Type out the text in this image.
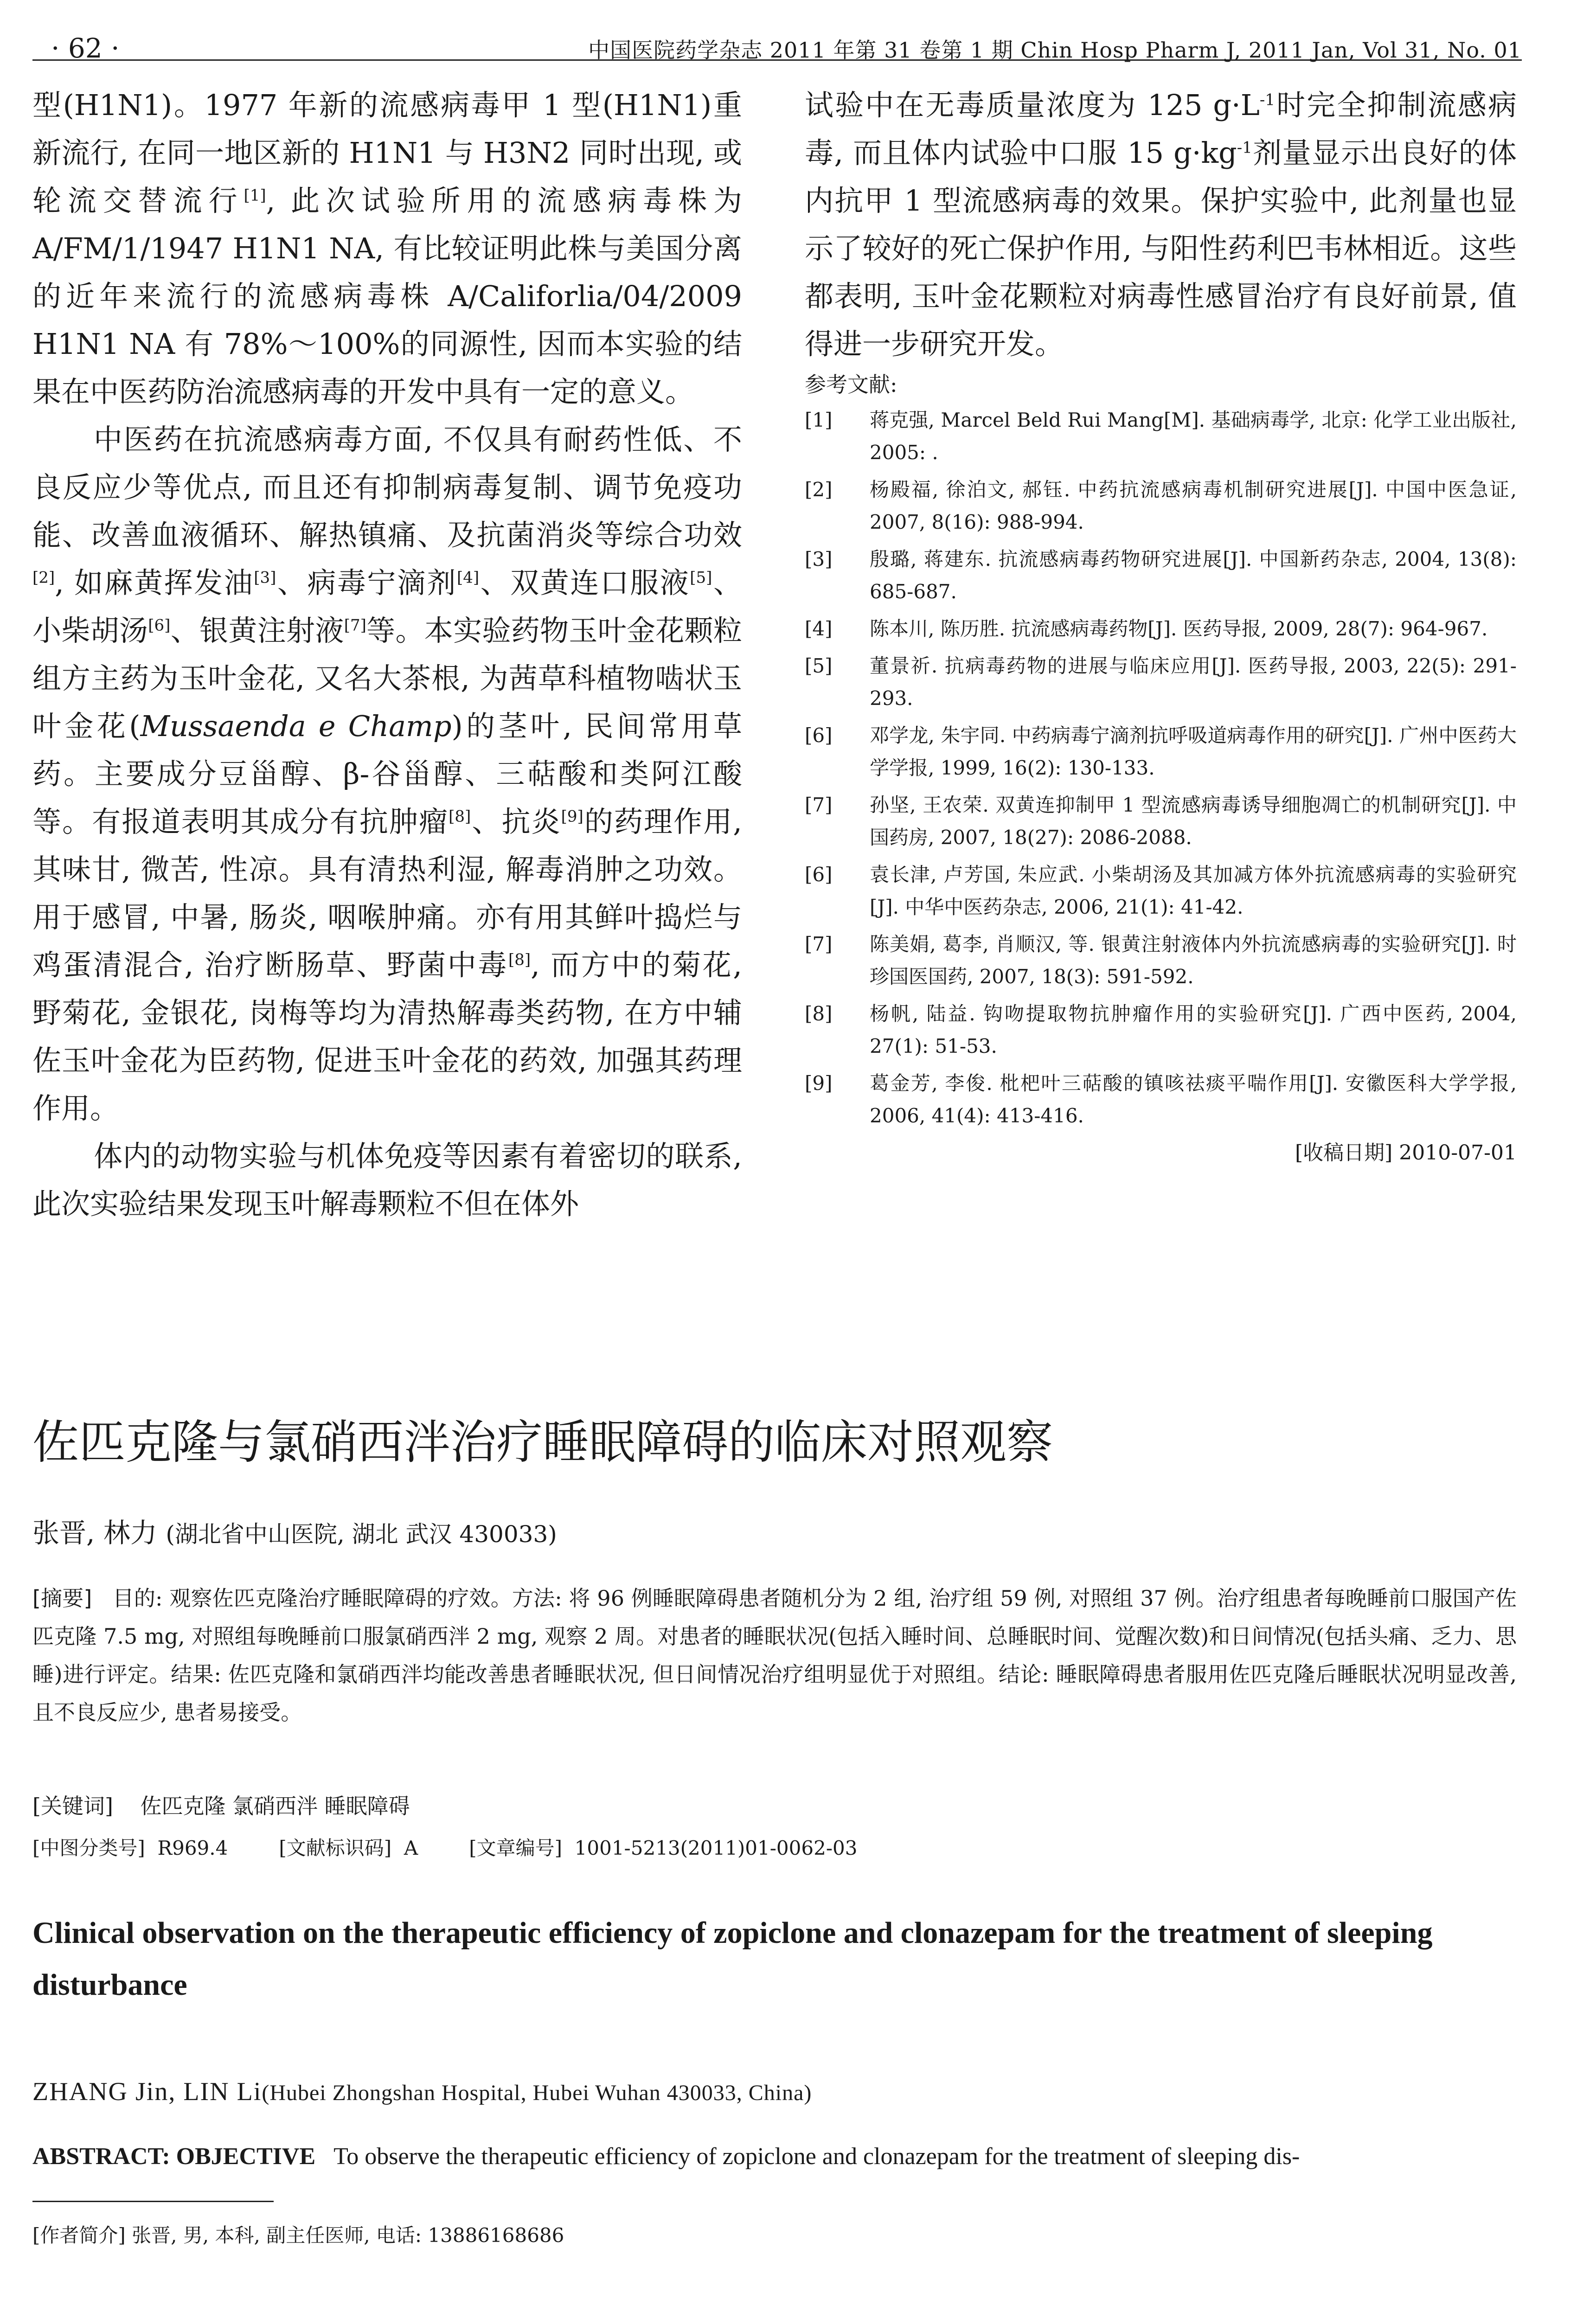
· 62 ·	中国医院药学杂志 2011 年第 31 卷第 1 期 Chin Hosp Pharm J, 2011 Jan, Vol 31, No. 01

型(H1N1)。1977 年新的流感病毒甲 1 型(H1N1)重新流行, 在同一地区新的 H1N1 与 H3N2 同时出现, 或轮流交替流行[1], 此次试验所用的流感病毒株为 A/FM/1/1947 H1N1 NA, 有比较证明此株与美国分离的近年来流行的流感病毒株 A/Califorlia/04/2009 H1N1 NA 有 78%～100%的同源性, 因而本实验的结果在中医药防治流感病毒的开发中具有一定的意义。

中医药在抗流感病毒方面, 不仅具有耐药性低、不良反应少等优点, 而且还有抑制病毒复制、调节免疫功能、改善血液循环、解热镇痛、及抗菌消炎等综合功效[2], 如麻黄挥发油[3]、病毒宁滴剂[4]、双黄连口服液[5]、小柴胡汤[6]、银黄注射液[7]等。本实验药物玉叶金花颗粒组方主药为玉叶金花, 又名大茶根, 为茜草科植物啮状玉叶金花(Mussaenda e Champ)的茎叶, 民间常用草药。主要成分豆甾醇、β-谷甾醇、三萜酸和类阿江酸等。有报道表明其成分有抗肿瘤[8]、抗炎[9]的药理作用, 其味甘, 微苦, 性凉。具有清热利湿, 解毒消肿之功效。用于感冒, 中暑, 肠炎, 咽喉肿痛。亦有用其鲜叶捣烂与鸡蛋清混合, 治疗断肠草、野菌中毒[8], 而方中的菊花, 野菊花, 金银花, 岗梅等均为清热解毒类药物, 在方中辅佐玉叶金花为臣药物, 促进玉叶金花的药效, 加强其药理作用。

体内的动物实验与机体免疫等因素有着密切的联系, 此次实验结果发现玉叶解毒颗粒不但在体外

试验中在无毒质量浓度为 125 $g\cdot L^{-1}$时完全抑制流感病毒, 而且体内试验中口服 15 $g\cdot kg^{-1}$剂量显示出良好的体内抗甲 1 型流感病毒的效果。保护实验中, 此剂量也显示了较好的死亡保护作用, 与阳性药利巴韦林相近。这些都表明, 玉叶金花颗粒对病毒性感冒治疗有良好前景, 值得进一步研究开发。

参考文献:

[1]	蒋克强, Marcel Beld Rui Mang[M]. 基础病毒学, 北京: 化学工业出版社, 2005: .

[2]	杨殿福, 徐泊文, 郝钰. 中药抗流感病毒机制研究进展[J]. 中国中医急证, 2007, 8(16): 988-994.

[3]	殷璐, 蒋建东. 抗流感病毒药物研究进展[J]. 中国新药杂志, 2004, 13(8): 685-687.

[4]	陈本川, 陈历胜. 抗流感病毒药物[J]. 医药导报, 2009, 28(7): 964-967.

[5]	董景祈. 抗病毒药物的进展与临床应用[J]. 医药导报, 2003, 22(5): 291-293.

[6]	邓学龙, 朱宇同. 中药病毒宁滴剂抗呼吸道病毒作用的研究[J]. 广州中医药大学学报, 1999, 16(2): 130-133.

[7]	孙坚, 王农荣. 双黄连抑制甲 1 型流感病毒诱导细胞凋亡的机制研究[J]. 中国药房, 2007, 18(27): 2086-2088.

[6]	袁长津, 卢芳国, 朱应武. 小柴胡汤及其加减方体外抗流感病毒的实验研究[J]. 中华中医药杂志, 2006, 21(1): 41-42.

[7]	陈美娟, 葛李, 肖顺汉, 等. 银黄注射液体内外抗流感病毒的实验研究[J]. 时珍国医国药, 2007, 18(3): 591-592.

[8]	杨帆, 陆益. 钩吻提取物抗肿瘤作用的实验研究[J]. 广西中医药, 2004, 27(1): 51-53.

[9]	葛金芳, 李俊. 枇杷叶三萜酸的镇咳祛痰平喘作用[J]. 安徽医科大学学报, 2006, 41(4): 413-416.

[收稿日期] 2010-07-01
佐匹克隆与氯硝西泮治疗睡眠障碍的临床对照观察
张晋, 林力 (湖北省中山医院, 湖北 武汉 430033)

[摘要] 目的: 观察佐匹克隆治疗睡眠障碍的疗效。方法: 将 96 例睡眠障碍患者随机分为 2 组, 治疗组 59 例, 对照组 37 例。治疗组患者每晚睡前口服国产佐匹克隆 7.5 mg, 对照组每晚睡前口服氯硝西泮 2 mg, 观察 2 周。对患者的睡眠状况(包括入睡时间、总睡眠时间、觉醒次数)和日间情况(包括头痛、乏力、思睡)进行评定。结果: 佐匹克隆和氯硝西泮均能改善患者睡眠状况, 但日间情况治疗组明显优于对照组。结论: 睡眠障碍患者服用佐匹克隆后睡眠状况明显改善, 且不良反应少, 患者易接受。

[关键词] 佐匹克隆 氯硝西泮 睡眠障碍

[中图分类号] R969.4	[文献标识码] A	[文章编号] 1001-5213(2011)01-0062-03

Clinical observation on the therapeutic efficiency of zopiclone and clonazepam for the treatment of sleeping disturbance
ZHANG Jin, LIN Li(Hubei Zhongshan Hospital, Hubei Wuhan 430033, China)

ABSTRACT: OBJECTIVE To observe the therapeutic efficiency of zopiclone and clonazepam for the treatment of sleeping dis-

[作者简介] 张晋, 男, 本科, 副主任医师, 电话: 13886168686
